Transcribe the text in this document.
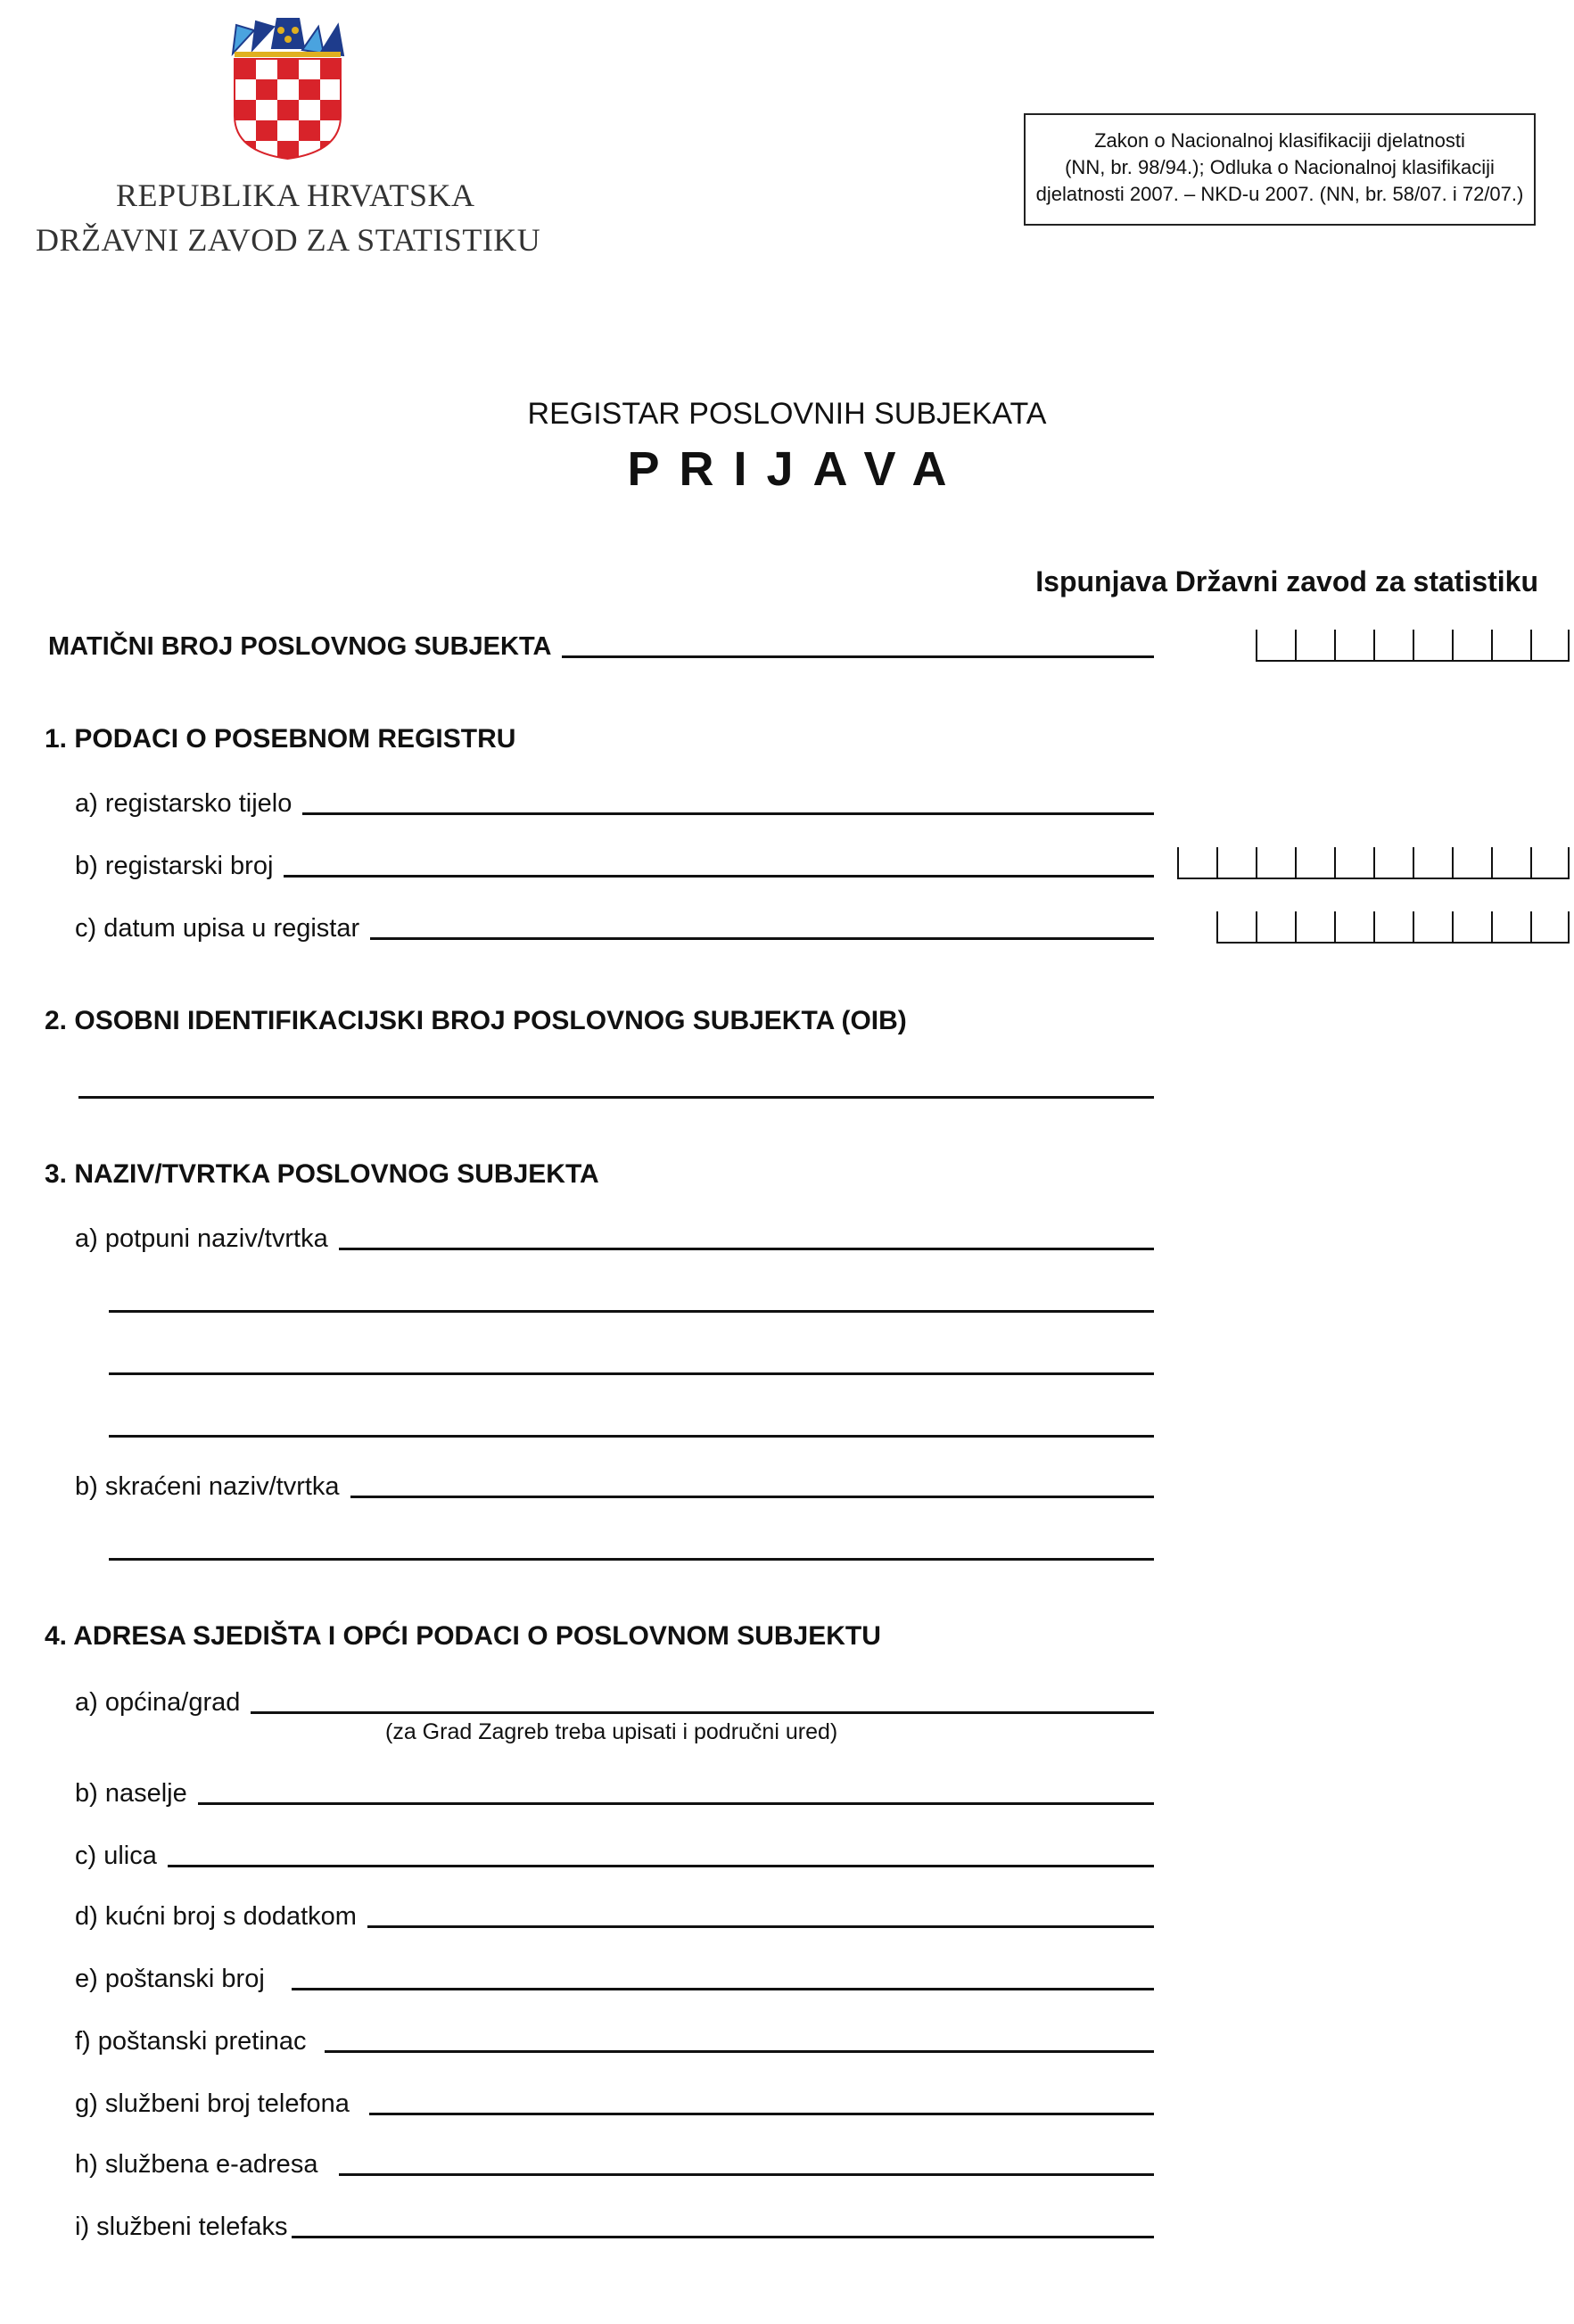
REPUBLIKA HRVATSKA
DRŽAVNI ZAVOD ZA STATISTIKU
Zakon o Nacionalnoj klasifikaciji djelatnosti
(NN, br. 98/94.); Odluka o Nacionalnoj klasifikaciji
djelatnosti 2007. – NKD-u 2007. (NN, br. 58/07. i 72/07.)
REGISTAR POSLOVNIH SUBJEKATA
PRIJAVA
Ispunjava Državni zavod za statistiku
MATIČNI BROJ POSLOVNOG SUBJEKTA
1. PODACI O POSEBNOM REGISTRU
a) registarsko tijelo
b) registarski broj
c) datum upisa u registar
2. OSOBNI IDENTIFIKACIJSKI BROJ POSLOVNOG SUBJEKTA (OIB)
3. NAZIV/TVRTKA POSLOVNOG SUBJEKTA
a) potpuni naziv/tvrtka
b) skraćeni naziv/tvrtka
4. ADRESA SJEDIŠTA I OPĆI PODACI O POSLOVNOM SUBJEKTU
a) općina/grad
(za Grad Zagreb treba upisati i područni ured)
b) naselje
c) ulica
d) kućni broj s dodatkom
e) poštanski broj
f) poštanski pretinac
g) službeni broj telefona
h) službena e-adresa
i) službeni telefaks
